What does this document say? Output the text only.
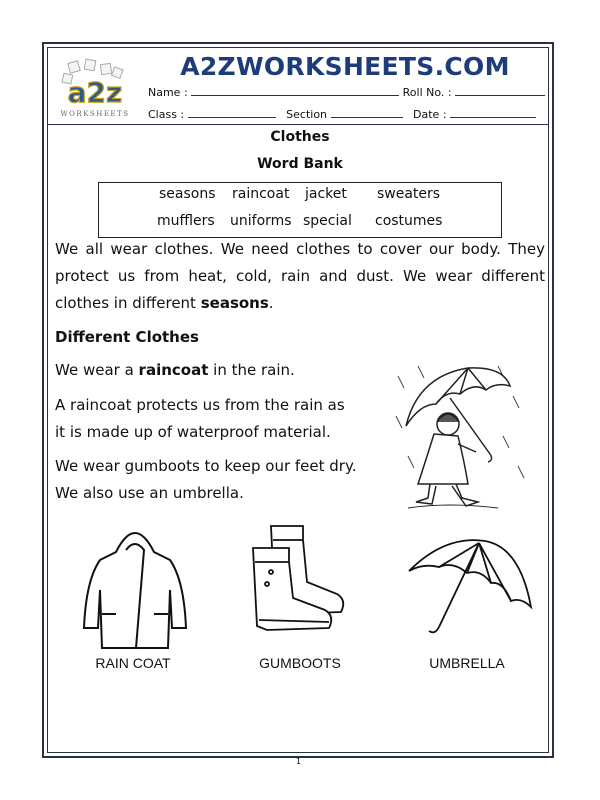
a2z
WORKSHEETS
A2ZWORKSHEETS.COM
Name :	Roll No. :
Class :	Section	Date :
Clothes
Word Bank
seasons raincoat jacket sweaters
mufflers uniforms special costumes
We all wear clothes. We need clothes to cover our body. They protect us from heat, cold, rain and dust. We wear different clothes in different seasons.
Different Clothes
We wear a raincoat in the rain.
A raincoat protects us from the rain as
it is made up of waterproof material.
We wear gumboots to keep our feet dry.
We also use an umbrella.
RAIN COAT	GUMBOOTS	UMBRELLA
1
